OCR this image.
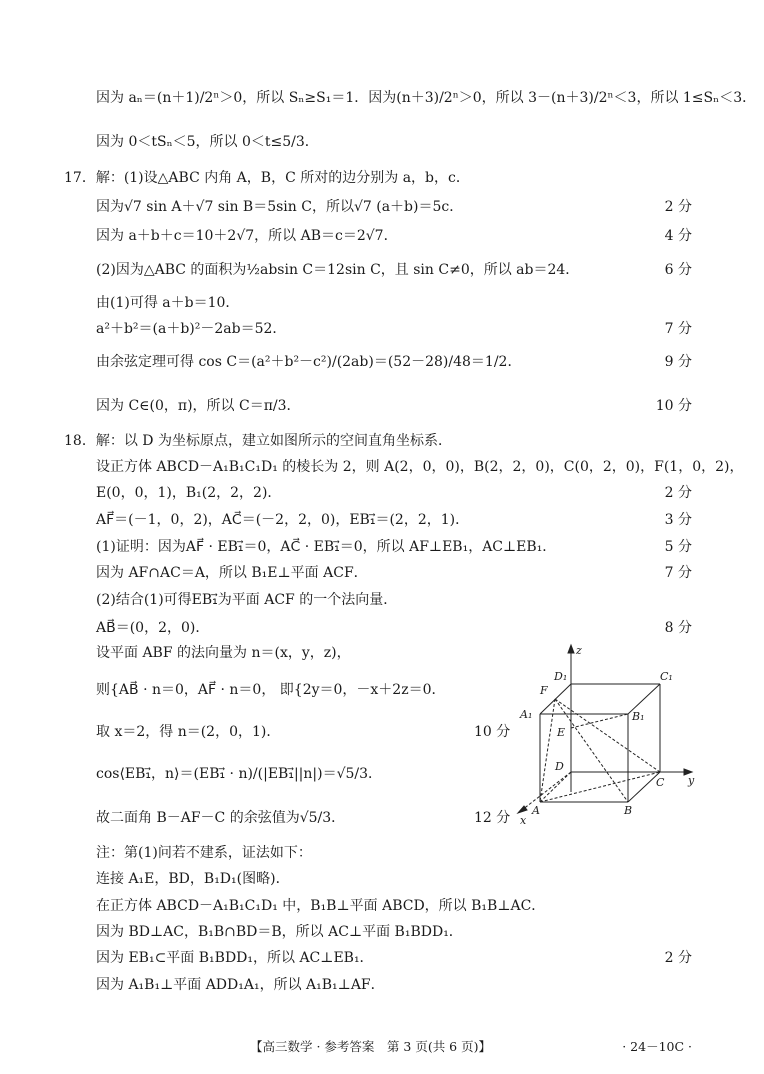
因为 aₙ＝(n＋1)/2ⁿ＞0，所以 Sₙ≥S₁＝1．因为(n＋3)/2ⁿ＞0，所以 3－(n＋3)/2ⁿ＜3，所以 1≤Sₙ＜3．
因为 0＜tSₙ＜5，所以 0＜t≤5/3．
17．解：(1)设△ABC 内角 A，B，C 所对的边分别为 a，b，c．
因为√7 sin A＋√7 sin B＝5sin C，所以√7 (a＋b)＝5c．	2 分
因为 a＋b＋c＝10＋2√7，所以 AB＝c＝2√7．	4 分
(2)因为△ABC 的面积为½absin C＝12sin C，且 sin C≠0，所以 ab＝24．	6 分
由(1)可得 a＋b＝10．
a²＋b²＝(a＋b)²－2ab＝52．	7 分
由余弦定理可得 cos C＝(a²＋b²－c²)/(2ab)＝(52－28)/48＝1/2．	9 分
因为 C∈(0，π)，所以 C＝π/3．	10 分
18．解：以 D 为坐标原点，建立如图所示的空间直角坐标系．
设正方体 ABCD－A₁B₁C₁D₁ 的棱长为 2，则 A(2，0，0)，B(2，2，0)，C(0，2，0)，F(1，0，2)，
E(0，0，1)，B₁(2，2，2)．	2 分
AF⃗＝(－1，0，2)，AC⃗＝(－2，2，0)，EB₁⃗＝(2，2，1)．	3 分
(1)证明：因为AF⃗ · EB₁⃗＝0，AC⃗ · EB₁⃗＝0，所以 AF⊥EB₁，AC⊥EB₁．	5 分
因为 AF∩AC＝A，所以 B₁E⊥平面 ACF．	7 分
(2)结合(1)可得EB₁⃗为平面 ACF 的一个法向量．
AB⃗＝(0，2，0)．	8 分
设平面 ABF 的法向量为 n＝(x，y，z)，
则{AB⃗ · n＝0，AF⃗ · n＝0， 即{2y＝0，－x＋2z＝0．
取 x＝2，得 n＝(2，0，1)．	10 分
cos⟨EB₁⃗，n⟩＝(EB₁⃗ · n)/(|EB₁⃗||n|)＝√5/3．
故二面角 B－AF－C 的余弦值为√5/3．	12 分
注：第(1)问若不建系，证法如下：
连接 A₁E，BD，B₁D₁(图略)．
在正方体 ABCD－A₁B₁C₁D₁ 中，B₁B⊥平面 ABCD，所以 B₁B⊥AC．
因为 BD⊥AC，B₁B∩BD＝B，所以 AC⊥平面 B₁BDD₁．
因为 EB₁⊂平面 B₁BDD₁，所以 AC⊥EB₁．	2 分
因为 A₁B₁⊥平面 ADD₁A₁，所以 A₁B₁⊥AF．
z
y
x
D₁	C₁
F
A₁	B₁
E
D
C
A	B
【高三数学 · 参考答案　第 3 页(共 6 页)】	· 24－10C ·
